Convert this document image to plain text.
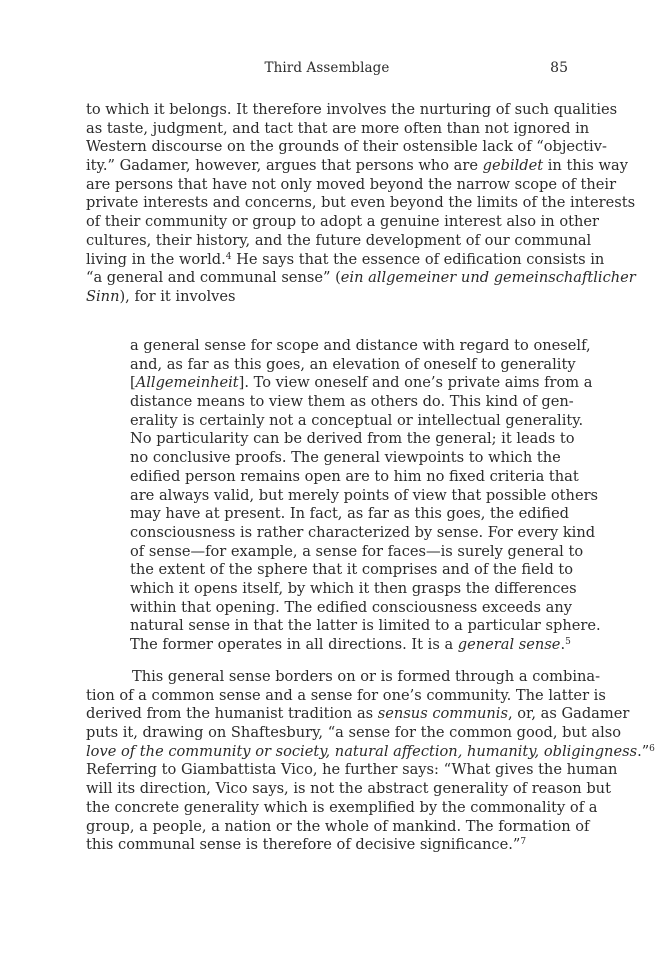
Third Assemblage	85
to which it belongs. It therefore involves the nurturing of such qualities
as taste, judgment, and tact that are more often than not ignored in
Western discourse on the grounds of their ostensible lack of “objectiv-
ity.” Gadamer, however, argues that persons who are gebildet in this way
are persons that have not only moved beyond the narrow scope of their
private interests and concerns, but even beyond the limits of the interests
of their community or group to adopt a genuine interest also in other
cultures, their history, and the future development of our communal
living in the world.$^4$ He says that the essence of edification consists in
“a general and communal sense” (ein allgemeiner und gemeinschaftlicher
Sinn), for it involves
a general sense for scope and distance with regard to oneself,
and, as far as this goes, an elevation of oneself to generality
[Allgemeinheit]. To view oneself and one’s private aims from a
distance means to view them as others do. This kind of gen-
erality is certainly not a conceptual or intellectual generality.
No particularity can be derived from the general; it leads to
no conclusive proofs. The general viewpoints to which the
edified person remains open are to him no fixed criteria that
are always valid, but merely points of view that possible others
may have at present. In fact, as far as this goes, the edified
consciousness is rather characterized by sense. For every kind
of sense—for example, a sense for faces—is surely general to
the extent of the sphere that it comprises and of the field to
which it opens itself, by which it then grasps the differences
within that opening. The edified consciousness exceeds any
natural sense in that the latter is limited to a particular sphere.
The former operates in all directions. It is a general sense.$^5$
This general sense borders on or is formed through a combina-
tion of a common sense and a sense for one’s community. The latter is
derived from the humanist tradition as sensus communis, or, as Gadamer
puts it, drawing on Shaftesbury, “a sense for the common good, but also
love of the community or society, natural affection, humanity, obligingness.”$^6$
Referring to Giambattista Vico, he further says: “What gives the human
will its direction, Vico says, is not the abstract generality of reason but
the concrete generality which is exemplified by the commonality of a
group, a people, a nation or the whole of mankind. The formation of
this communal sense is therefore of decisive significance.”$^7$
